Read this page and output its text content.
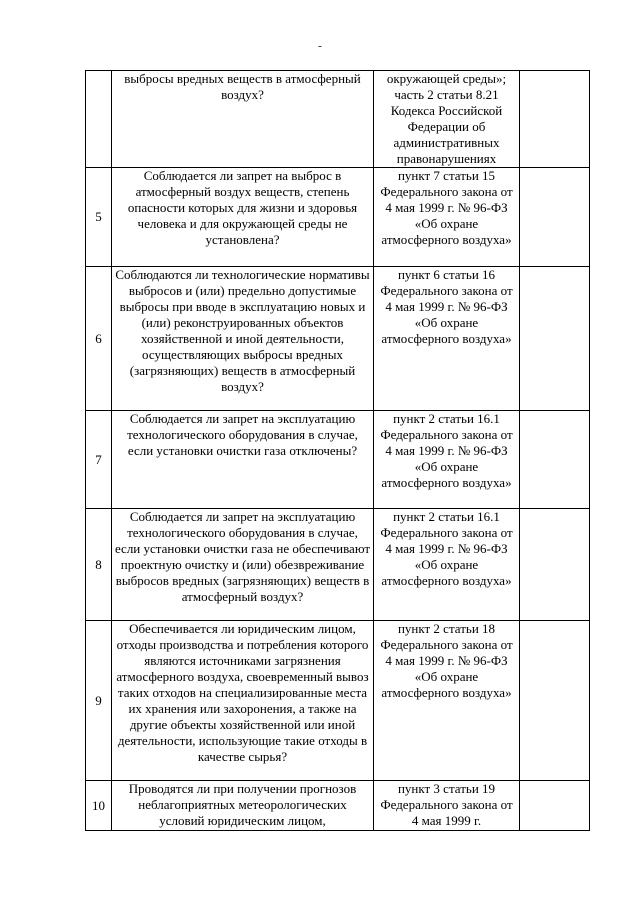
-

	выбросы вредных веществ в атмосферный воздух?	окружающей среды»; часть 2 статьи 8.21 Кодекса Российской Федерации об административных правонарушениях	

5	Соблюдается ли запрет на выброс в атмосферный воздух веществ, степень опасности которых для жизни и здоровья человека и для окружающей среды не установлена?	пункт 7 статьи 15 Федерального закона от 4 мая 1999 г. № 96-ФЗ «Об охране атмосферного воздуха»	

6	Соблюдаются ли технологические нормативы выбросов и (или) предельно допустимые выбросы при вводе в эксплуатацию новых и (или) реконструированных объектов хозяйственной и иной деятельности, осуществляющих выбросы вредных (загрязняющих) веществ в атмосферный воздух?	пункт 6 статьи 16 Федерального закона от 4 мая 1999 г. № 96-ФЗ «Об охране атмосферного воздуха»	

7	Соблюдается ли запрет на эксплуатацию технологического оборудования в случае, если установки очистки газа отключены?	пункт 2 статьи 16.1 Федерального закона от 4 мая 1999 г. № 96-ФЗ «Об охране атмосферного воздуха»	

8	Соблюдается ли запрет на эксплуатацию технологического оборудования в случае, если установки очистки газа не обеспечивают проектную очистку и (или) обезвреживание выбросов вредных (загрязняющих) веществ в атмосферный воздух?	пункт 2 статьи 16.1 Федерального закона от 4 мая 1999 г. № 96-ФЗ «Об охране атмосферного воздуха»	

9	Обеспечивается ли юридическим лицом, отходы производства и потребления которого являются источниками загрязнения атмосферного воздуха, своевременный вывоз таких отходов на специализированные места их хранения или захоронения, а также на другие объекты хозяйственной или иной деятельности, использующие такие отходы в качестве сырья?	пункт 2 статьи 18 Федерального закона от 4 мая 1999 г. № 96-ФЗ «Об охране атмосферного воздуха»	

10	Проводятся ли при получении прогнозов неблагоприятных метеорологических условий юридическим лицом,	пункт 3 статьи 19 Федерального закона от 4 мая 1999 г.	
